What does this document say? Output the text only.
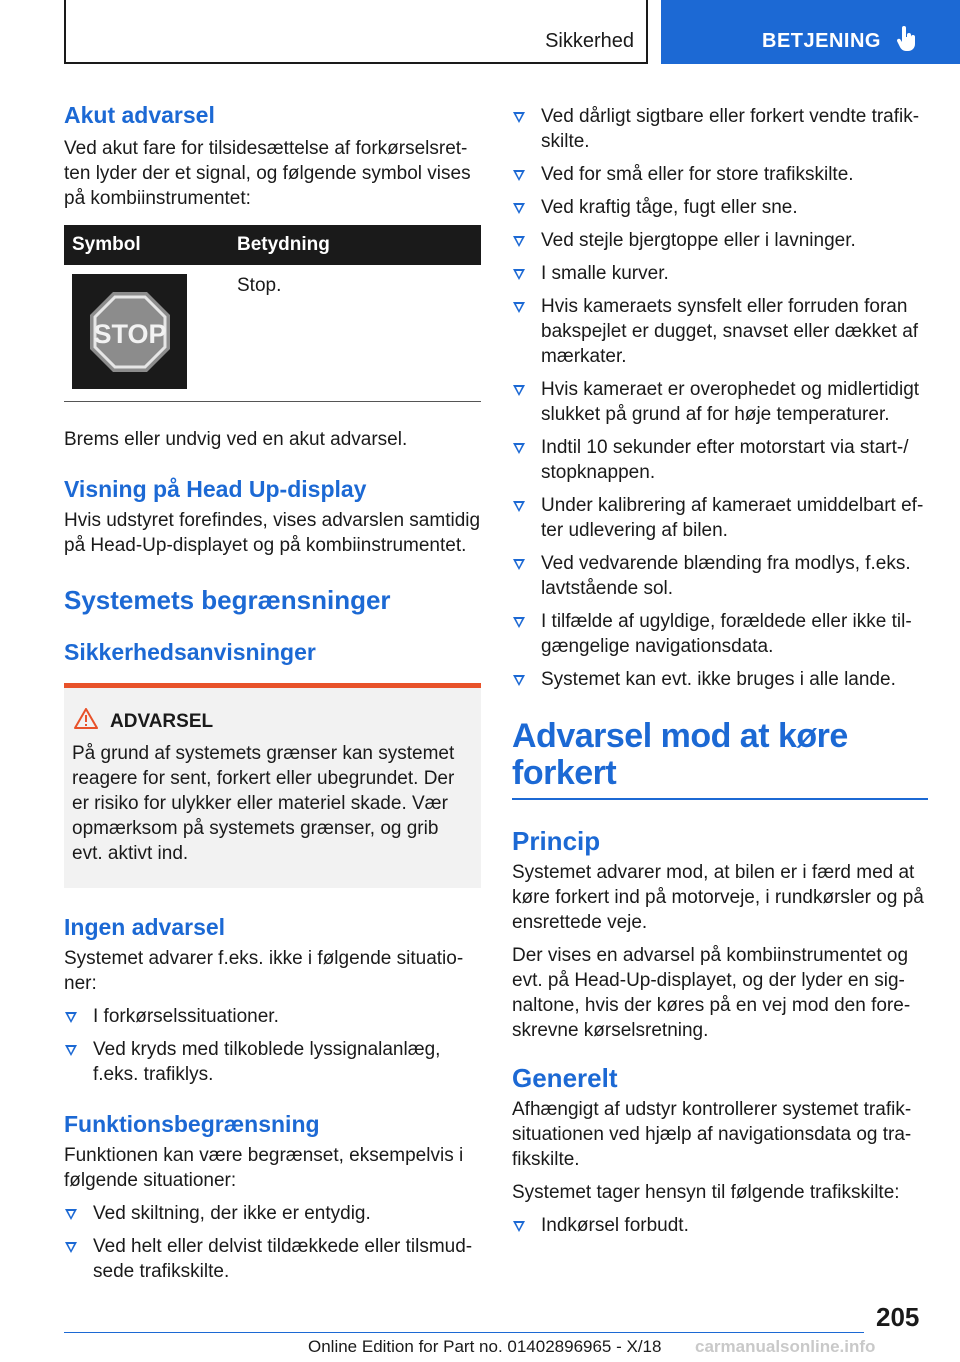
Sikkerhed	BETJENING
Akut advarsel

Ved akut fare for tilsidesættelse af forkørselsret-ten lyder der et signal, og følgende symbol vises på kombiinstrumentet:

Symbol	Betydning
STOP
Stop.

Brems eller undvig ved en akut advarsel.

Visning på Head Up-display

Hvis udstyret forefindes, vises advarslen samtidig på Head-Up-displayet og på kombiinstrumentet.

Systemets begrænsninger
Sikkerhedsanvisninger
ADVARSEL

På grund af systemets grænser kan systemet reagere for sent, forkert eller ubegrundet. Der er risiko for ulykker eller materiel skade. Vær opmærksom på systemets grænser, og grib evt. aktivt ind.

Ingen advarsel

Systemet advarer f.eks. ikke i følgende situatio-ner:

I forkørselssituationer.
Ved kryds med tilkoblede lyssignalanlæg, f.eks. trafiklys.
Funktionsbegrænsning

Funktionen kan være begrænset, eksempelvis i følgende situationer:

Ved skiltning, der ikke er entydig.
Ved helt eller delvist tildækkede eller tilsmud-sede trafikskilte.
Ved dårligt sigtbare eller forkert vendte trafik-skilte.
Ved for små eller for store trafikskilte.
Ved kraftig tåge, fugt eller sne.
Ved stejle bjergtoppe eller i lavninger.
I smalle kurver.
Hvis kameraets synsfelt eller forruden foran bakspejlet er dugget, snavset eller dækket af mærkater.
Hvis kameraet er overophedet og midlertidigt slukket på grund af for høje temperaturer.
Indtil 10 sekunder efter motorstart via start-/ stopknappen.
Under kalibrering af kameraet umiddelbart ef-ter udlevering af bilen.
Ved vedvarende blænding fra modlys, f.eks. lavtstående sol.
I tilfælde af ugyldige, forældede eller ikke til-gængelige navigationsdata.
Systemet kan evt. ikke bruges i alle lande.
Advarsel mod at køre forkert
Princip

Systemet advarer mod, at bilen er i færd med at køre forkert ind på motorveje, i rundkørsler og på ensrettede veje.

Der vises en advarsel på kombiinstrumentet og evt. på Head-Up-displayet, og der lyder en sig-naltone, hvis der køres på en vej mod den fore-skrevne kørselsretning.

Generelt

Afhængigt af udstyr kontrollerer systemet trafik-situationen ved hjælp af navigationsdata og tra-fikskilte.

Systemet tager hensyn til følgende trafikskilte:

Indkørsel forbudt.
205
Online Edition for Part no. 01402896965 - X/18 carmanualsonline.info
